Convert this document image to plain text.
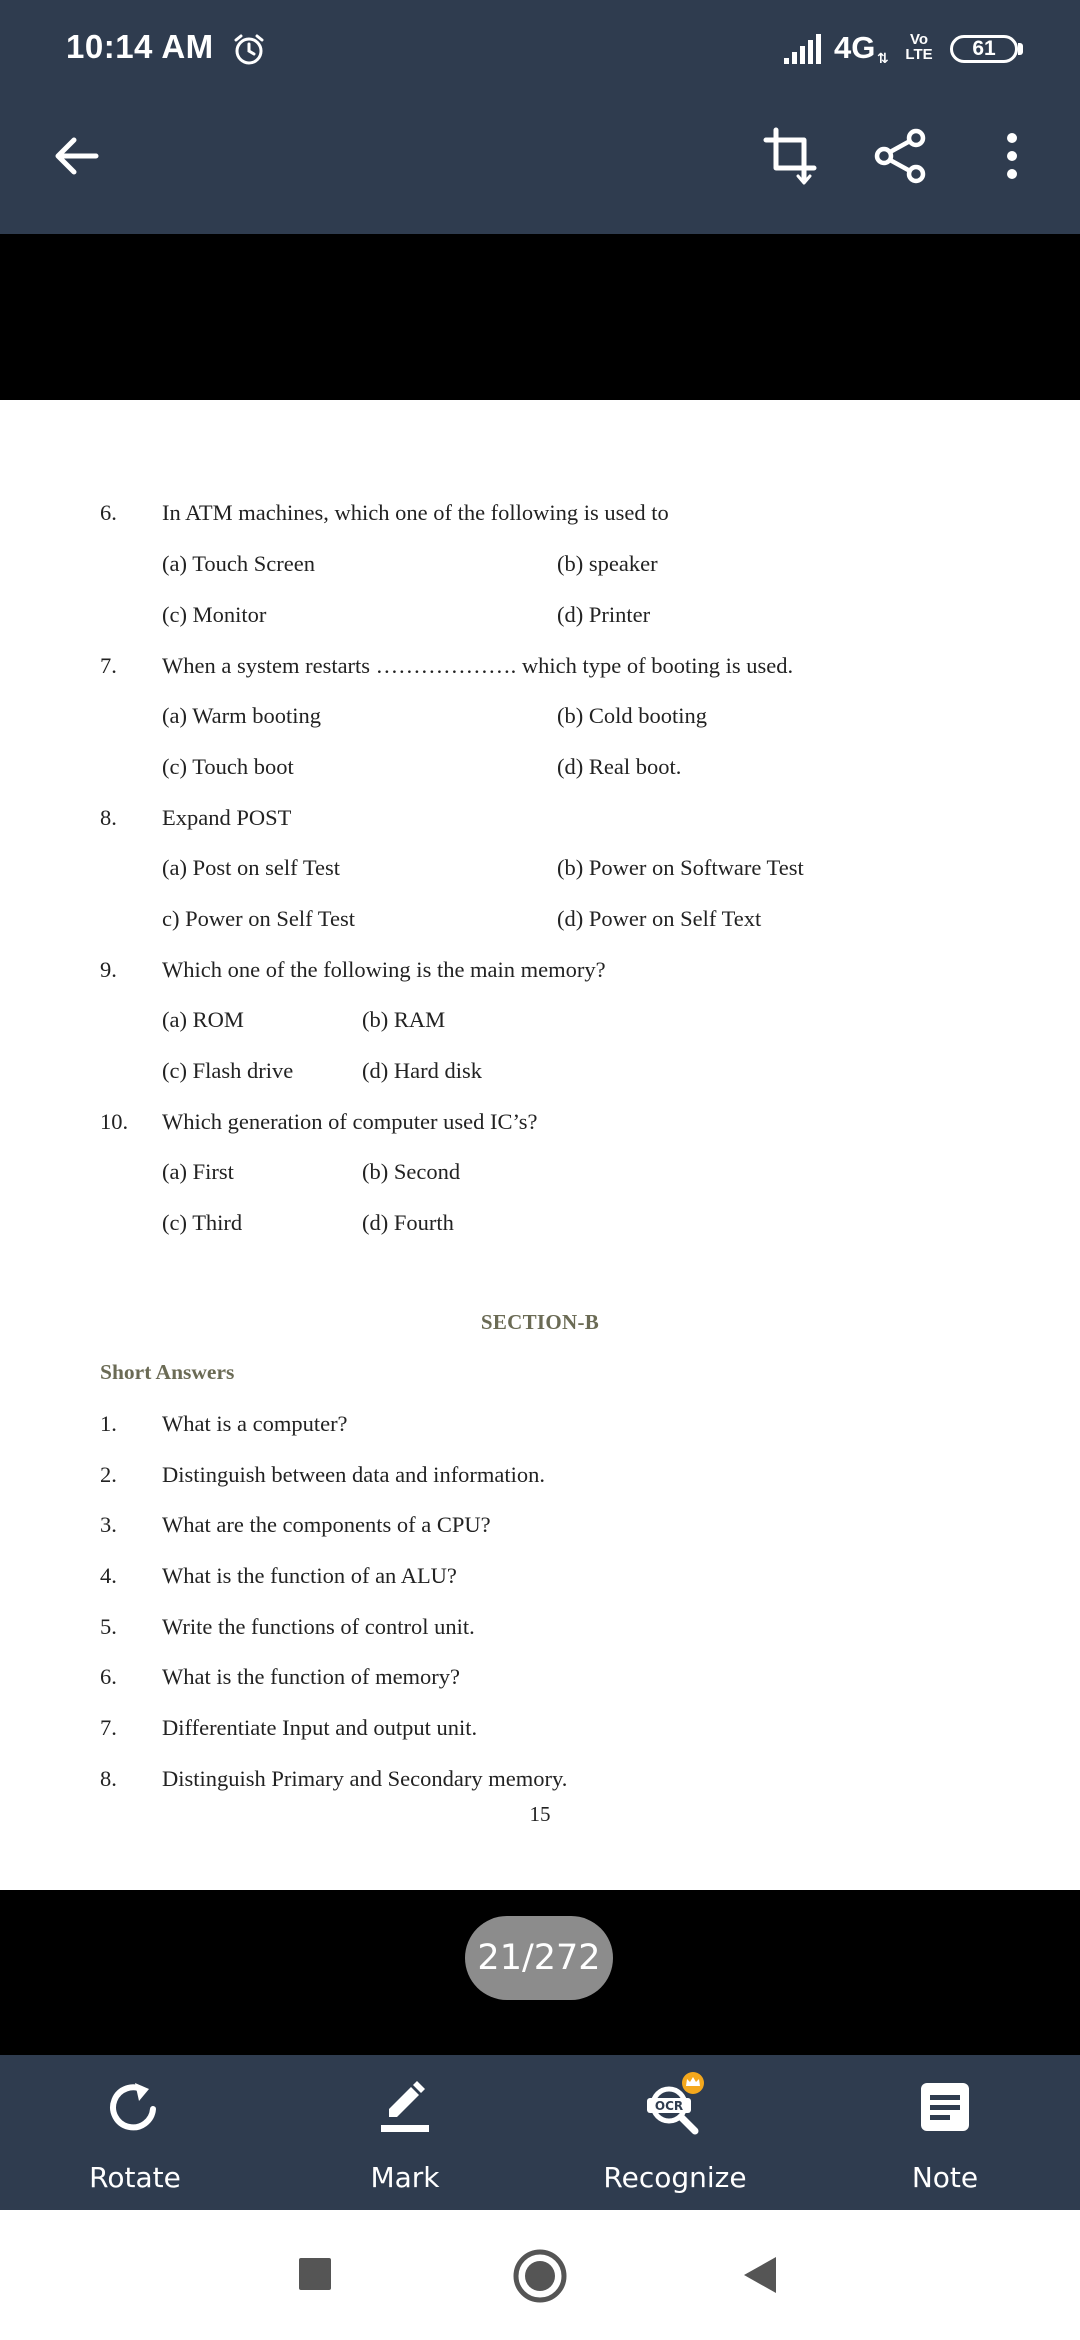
10:14 AM	4G ⇅
Vo
LTE	61
6. In ATM machines, which one of the following is used to
(a) Touch Screen	(b) speaker
(c) Monitor	(d) Printer
7. When a system restarts ………………. which type of booting is used.
(a) Warm booting	(b) Cold booting
(c) Touch boot	(d) Real boot.
8. Expand POST
(a) Post on self Test	(b) Power on Software Test
c) Power on Self Test	(d) Power on Self Text
9. Which one of the following is the main memory?
(a) ROM	(b) RAM
(c) Flash drive	(d) Hard disk
10. Which generation of computer used IC’s?
(a) First	(b) Second
(c) Third	(d) Fourth
SECTION-B
Short Answers
1. What is a computer?
2. Distinguish between data and information.
3. What are the components of a CPU?
4. What is the function of an ALU?
5. Write the functions of control unit.
6. What is the function of memory?
7. Differentiate Input and output unit.
8. Distinguish Primary and Secondary memory.
15
21/272
Rotate	Mark
OCR
Recognize	Note
